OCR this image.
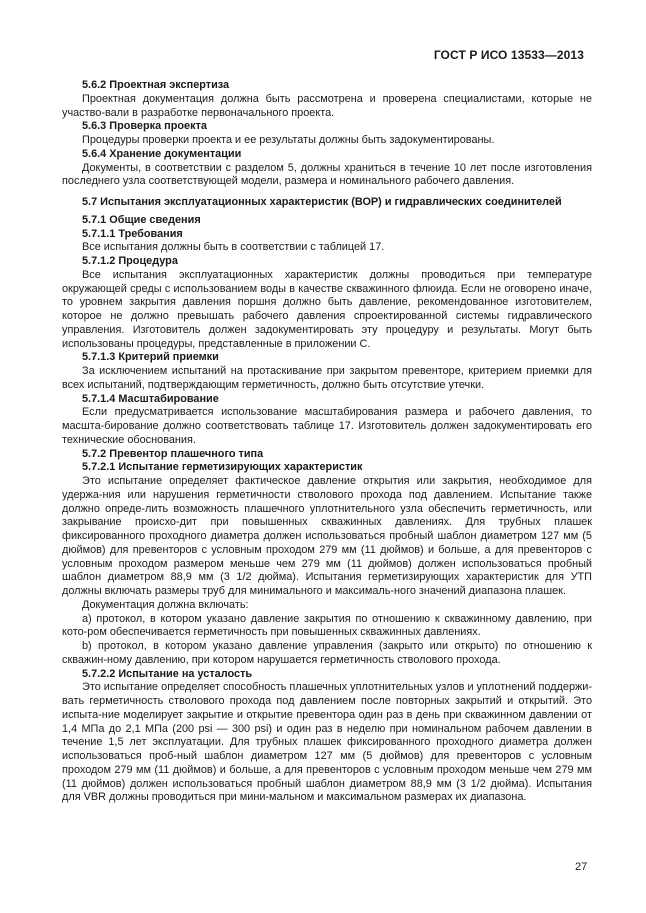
ГОСТ Р ИСО 13533—2013

5.6.2 Проектная экспертиза

Проектная документация должна быть рассмотрена и проверена специалистами, которые не участво-вали в разработке первоначального проекта.

5.6.3 Проверка проекта

Процедуры проверки проекта и ее результаты должны быть задокументированы.

5.6.4 Хранение документации

Документы, в соответствии с разделом 5, должны храниться в течение 10 лет после изготовления последнего узла соответствующей модели, размера и номинального рабочего давления.

5.7 Испытания эксплуатационных характеристик (ВОР) и гидравлических соединителей

5.7.1 Общие сведения

5.7.1.1 Требования

Все испытания должны быть в соответствии с таблицей 17.

5.7.1.2 Процедура

Все испытания эксплуатационных характеристик должны проводиться при температуре окружающей среды с использованием воды в качестве скважинного флюида. Если не оговорено иначе, то уровнем закрытия давления поршня должно быть давление, рекомендованное изготовителем, которое не должно превышать рабочего давления спроектированной системы гидравлического управления. Изготовитель должен задокументировать эту процедуру и результаты. Могут быть использованы процедуры, представленные в приложении С.

5.7.1.3 Критерий приемки

За исключением испытаний на протаскивание при закрытом превенторе, критерием приемки для всех испытаний, подтверждающим герметичность, должно быть отсутствие утечки.

5.7.1.4 Масштабирование

Если предусматривается использование масштабирования размера и рабочего давления, то масшта-бирование должно соответствовать таблице 17. Изготовитель должен задокументировать его технические обоснования.

5.7.2 Превентор плашечного типа

5.7.2.1 Испытание герметизирующих характеристик

Это испытание определяет фактическое давление открытия или закрытия, необходимое для удержа-ния или нарушения герметичности стволового прохода под давлением. Испытание также должно опреде-лить возможность плашечного уплотнительного узла обеспечить герметичность, или закрывание происхо-дит при повышенных скважинных давлениях. Для трубных плашек фиксированного проходного диаметра должен использоваться пробный шаблон диаметром 127 мм (5 дюймов) для превенторов с условным проходом 279 мм (11 дюймов) и больше, а для превенторов с условным проходом размером меньше чем 279 мм (11 дюймов) должен использоваться пробный шаблон диаметром 88,9 мм (3 1/2 дюйма). Испытания герметизирующих характеристик для УТП должны включать размеры труб для минимального и максималь-ного значений диапазона плашек.

Документация должна включать:

а) протокол, в котором указано давление закрытия по отношению к скважинному давлению, при кото-ром обеспечивается герметичность при повышенных скважинных давлениях.

b) протокол, в котором указано давление управления (закрыто или открыто) по отношению к скважин-ному давлению, при котором нарушается герметичность стволового прохода.

5.7.2.2 Испытание на усталость

Это испытание определяет способность плашечных уплотнительных узлов и уплотнений поддержи-вать герметичность стволового прохода под давлением после повторных закрытий и открытий. Это испыта-ние моделирует закрытие и открытие превентора один раз в день при скважинном давлении от 1,4 МПа до 2,1 МПа (200 psi — 300 psi) и один раз в неделю при номинальном рабочем давлении в течение 1,5 лет эксплуатации. Для трубных плашек фиксированного проходного диаметра должен использоваться проб-ный шаблон диаметром 127 мм (5 дюймов) для превенторов с условным проходом 279 мм (11 дюймов) и больше, а для превенторов с условным проходом меньше чем 279 мм (11 дюймов) должен использоваться пробный шаблон диаметром 88,9 мм (3 1/2 дюйма). Испытания для VBR должны проводиться при мини-мальном и максимальном размерах их диапазона.

27
